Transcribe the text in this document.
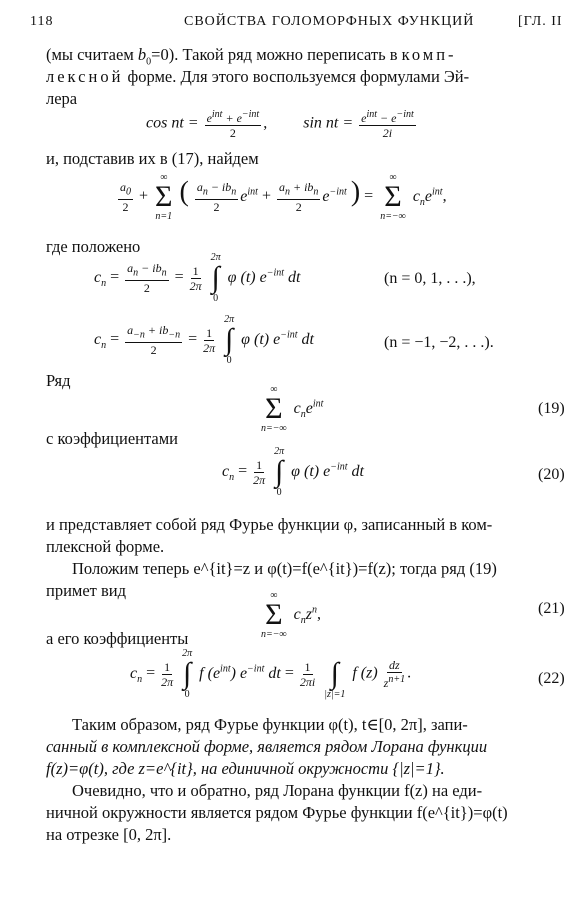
118	СВОЙСТВА ГОЛОМОРФНЫХ ФУНКЦИЙ	[ГЛ. II
(мы считаем $b_0=0$). Такой ряд можно переписать в комп-
лексной форме. Для этого воспользуемся формулами Эй-
лера
cos nt = $\frac{e^{int} + e^{-int}}{2}$ ,  sin nt = $\frac{e^{int} - e^{-int}}{2i}$
и, подставив их в (17), найдем
$\frac{a_0}{2}$ +
∞
Σ
n=1
( $\frac{a_n - ib_n}{2} e^{int} + \frac{a_n + ib_n}{2} e^{-int}$ ) =
∞
Σ
n=−∞
$c_ne^{int}$,
где положено
$c_n = \frac{a_n - ib_n}{2} = \frac{1}{2\pi}$

2π
∫
0
φ (t) $e^{-int}$ dt	(n = 0, 1, . . .),
$c_n = \frac{a_{-n} + ib_{-n}}{2} = \frac{1}{2\pi}$

2π
∫
0
φ (t) $e^{-int}$ dt	(n = −1, −2, . . .).
Ряд	∞
Σ
n=−∞
$c_ne^{int}$	(19)
с коэффициентами
$c_n = \frac{1}{2\pi}$

2π
∫
0
φ (t) $e^{-int}$ dt	(20)
и представляет собой ряд Фурье функции φ, записанный в ком-
плексной форме.
Положим теперь e^{it}=z и φ(t)=f(e^{it})=f(z); тогда ряд (19)
примет вид	∞
Σ
n=−∞
$c_nz^n$,	(21)
а его коэффициенты
$c_n = \frac{1}{2\pi}$

2π
∫
0
f $(e^{int})$ $e^{-int}$ dt = $\frac{1}{2\pi i}$

∫
|z|=1
f $(z) \frac{dz}{z^{n+1}}$ .	(22)
Таким образом, ряд Фурье функции φ(t), t∈[0, 2π], запи-
санный в комплексной форме, является рядом Лорана функции
f(z)=φ(t), где z=e^{it}, на единичной окружности {|z|=1}.
Очевидно, что и обратно, ряд Лорана функции f(z) на еди-
ничной окружности является рядом Фурье функции f(e^{it})=φ(t)
на отрезке [0, 2π].
